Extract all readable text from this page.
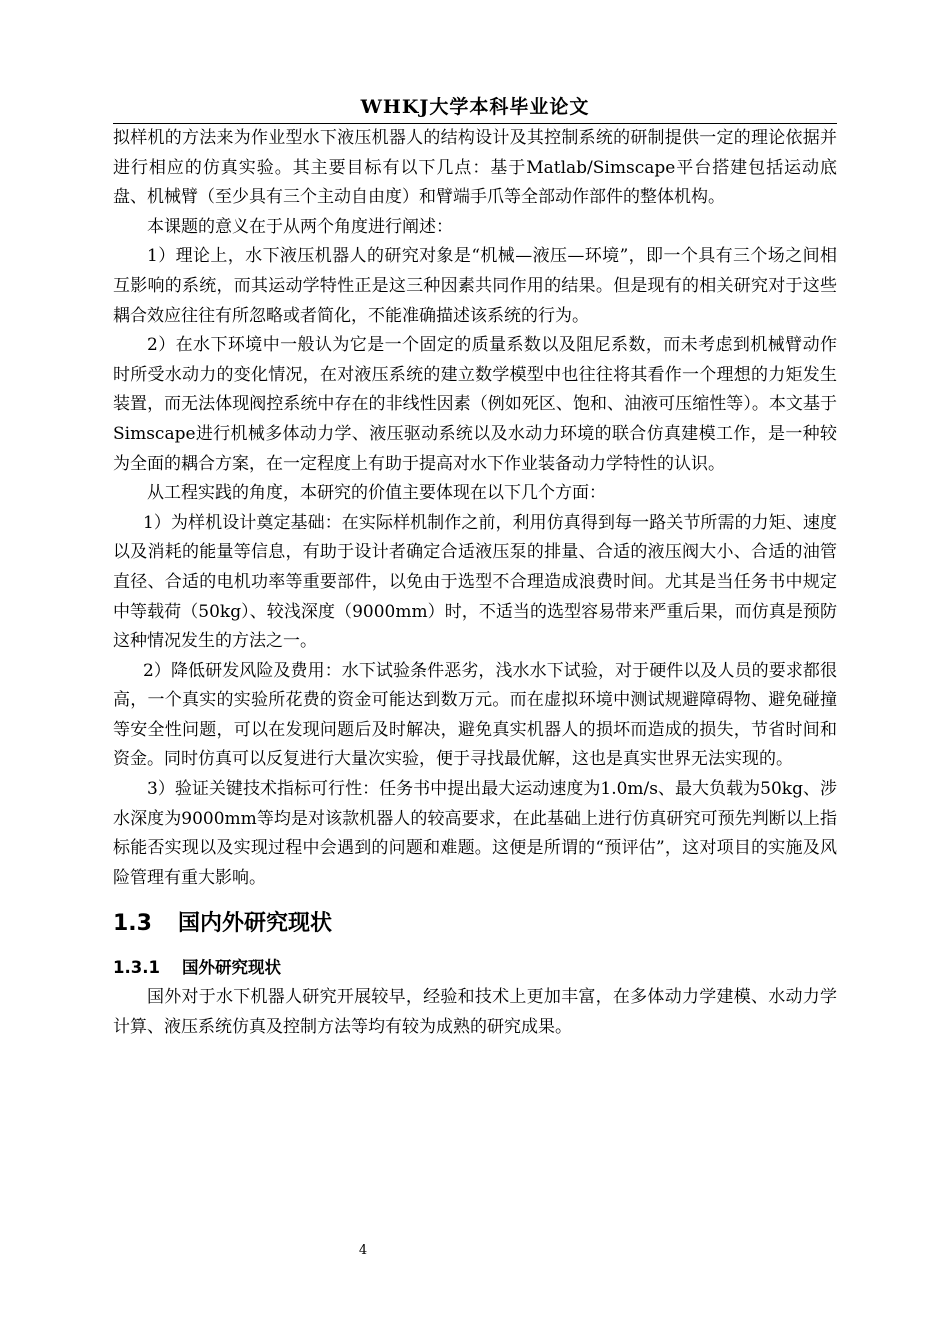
WHKJ大学本科毕业论文

拟样机的方法来为作业型水下液压机器人的结构设计及其控制系统的研制提供一定的理论依据并进行相应的仿真实验。其主要目标有以下几点：基于Matlab/Simscape平台搭建包括运动底盘、机械臂（至少具有三个主动自由度）和臂端手爪等全部动作部件的整体机构。

本课题的意义在于从两个角度进行阐述：

1）理论上，水下液压机器人的研究对象是“机械—液压—环境”，即一个具有三个场之间相互影响的系统，而其运动学特性正是这三种因素共同作用的结果。但是现有的相关研究对于这些耦合效应往往有所忽略或者简化，不能准确描述该系统的行为。

2）在水下环境中一般认为它是一个固定的质量系数以及阻尼系数，而未考虑到机械臂动作时所受水动力的变化情况，在对液压系统的建立数学模型中也往往将其看作一个理想的力矩发生装置，而无法体现阀控系统中存在的非线性因素（例如死区、饱和、油液可压缩性等）。本文基于Simscape进行机械多体动力学、液压驱动系统以及水动力环境的联合仿真建模工作，是一种较为全面的耦合方案，在一定程度上有助于提高对水下作业装备动力学特性的认识。

从工程实践的角度，本研究的价值主要体现在以下几个方面：

1）为样机设计奠定基础：在实际样机制作之前，利用仿真得到每一路关节所需的力矩、速度以及消耗的能量等信息，有助于设计者确定合适液压泵的排量、合适的液压阀大小、合适的油管直径、合适的电机功率等重要部件，以免由于选型不合理造成浪费时间。尤其是当任务书中规定中等载荷（50kg）、较浅深度（9000mm）时，不适当的选型容易带来严重后果，而仿真是预防这种情况发生的方法之一。

2）降低研发风险及费用：水下试验条件恶劣，浅水水下试验，对于硬件以及人员的要求都很高，一个真实的实验所花费的资金可能达到数万元。而在虚拟环境中测试规避障碍物、避免碰撞等安全性问题，可以在发现问题后及时解决，避免真实机器人的损坏而造成的损失，节省时间和资金。同时仿真可以反复进行大量次实验，便于寻找最优解，这也是真实世界无法实现的。

3）验证关键技术指标可行性：任务书中提出最大运动速度为1.0m/s、最大负载为50kg、涉水深度为9000mm等均是对该款机器人的较高要求，在此基础上进行仿真研究可预先判断以上指标能否实现以及实现过程中会遇到的问题和难题。这便是所谓的“预评估”，这对项目的实施及风险管理有重大影响。

1.3 国内外研究现状
1.3.1 国外研究现状

国外对于水下机器人研究开展较早，经验和技术上更加丰富，在多体动力学建模、水动力学计算、液压系统仿真及控制方法等均有较为成熟的研究成果。

4
